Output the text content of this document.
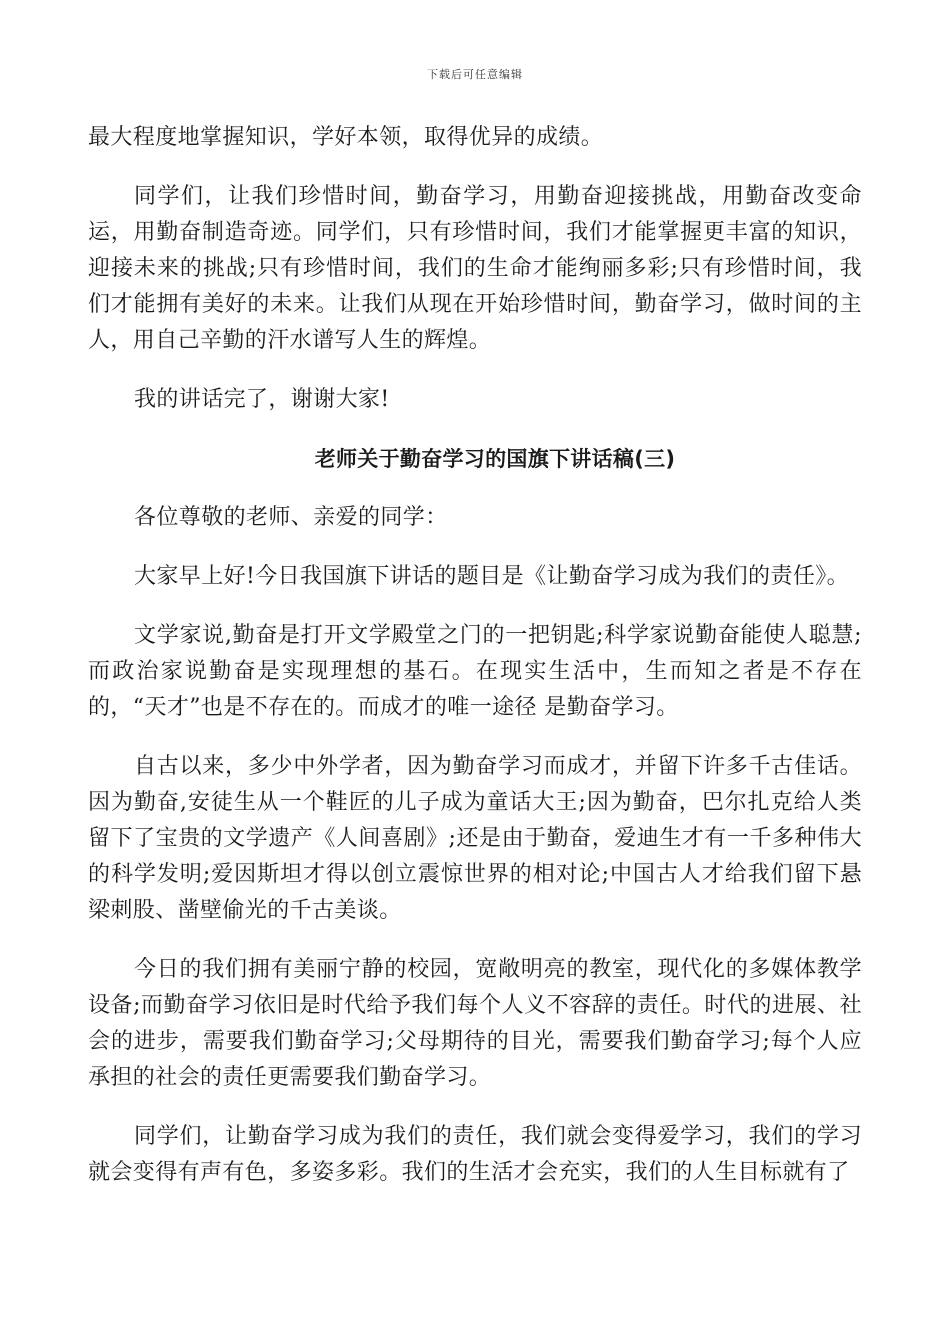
下载后可任意编辑

最大程度地掌握知识，学好本领，取得优异的成绩。

同学们，让我们珍惜时间，勤奋学习，用勤奋迎接挑战，用勤奋改变命运，用勤奋制造奇迹。同学们，只有珍惜时间，我们才能掌握更丰富的知识，迎接未来的挑战;只有珍惜时间，我们的生命才能绚丽多彩;只有珍惜时间，我们才能拥有美好的未来。让我们从现在开始珍惜时间，勤奋学习，做时间的主人，用自己辛勤的汗水谱写人生的辉煌。

我的讲话完了，谢谢大家!

老师关于勤奋学习的国旗下讲话稿(三)

各位尊敬的老师、亲爱的同学：

大家早上好!今日我国旗下讲话的题目是《让勤奋学习成为我们的责任》。

文学家说,勤奋是打开文学殿堂之门的一把钥匙;科学家说勤奋能使人聪慧;而政治家说勤奋是实现理想的基石。在现实生活中，生而知之者是不存在的，“天才”也是不存在的。而成才的唯一途径 是勤奋学习。

自古以来，多少中外学者，因为勤奋学习而成才，并留下许多千古佳话。因为勤奋,安徒生从一个鞋匠的儿子成为童话大王;因为勤奋，巴尔扎克给人类留下了宝贵的文学遗产《人间喜剧》;还是由于勤奋，爱迪生才有一千多种伟大的科学发明;爱因斯坦才得以创立震惊世界的相对论;中国古人才给我们留下悬梁刺股、凿壁偷光的千古美谈。

今日的我们拥有美丽宁静的校园，宽敞明亮的教室，现代化的多媒体教学设备;而勤奋学习依旧是时代给予我们每个人义不容辞的责任。时代的进展、社会的进步，需要我们勤奋学习;父母期待的目光，需要我们勤奋学习;每个人应承担的社会的责任更需要我们勤奋学习。

同学们，让勤奋学习成为我们的责任，我们就会变得爱学习，我们的学习就会变得有声有色，多姿多彩。我们的生活才会充实，我们的人生目标就有了
